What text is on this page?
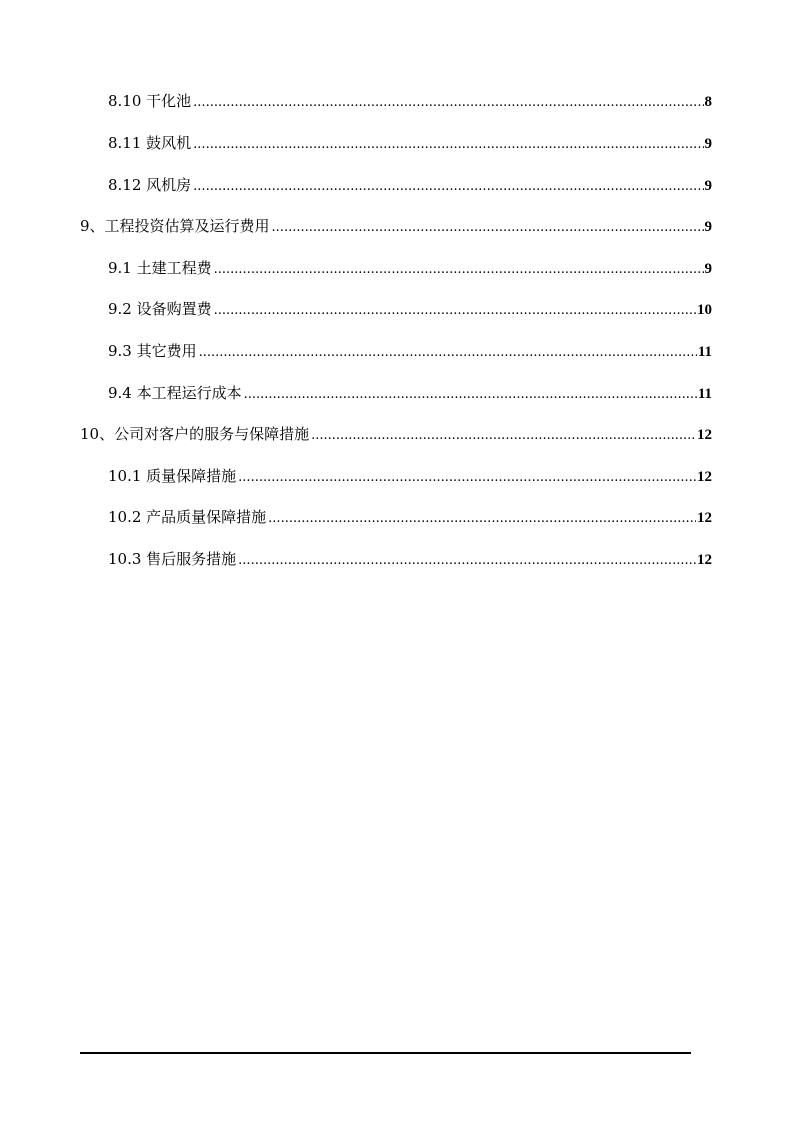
8.10 干化池 .....	8
8.11 鼓风机 .....	9
8.12 风机房 .....	9
9、工程投资估算及运行费用 .....	9
9.1 土建工程费 .....	9
9.2 设备购置费 .....	10
9.3 其它费用 .....	11
9.4 本工程运行成本 .....	11
10、公司对客户的服务与保障措施 .....	12
10.1 质量保障措施 .....	12
10.2 产品质量保障措施 .....	12
10.3 售后服务措施 .....	12
